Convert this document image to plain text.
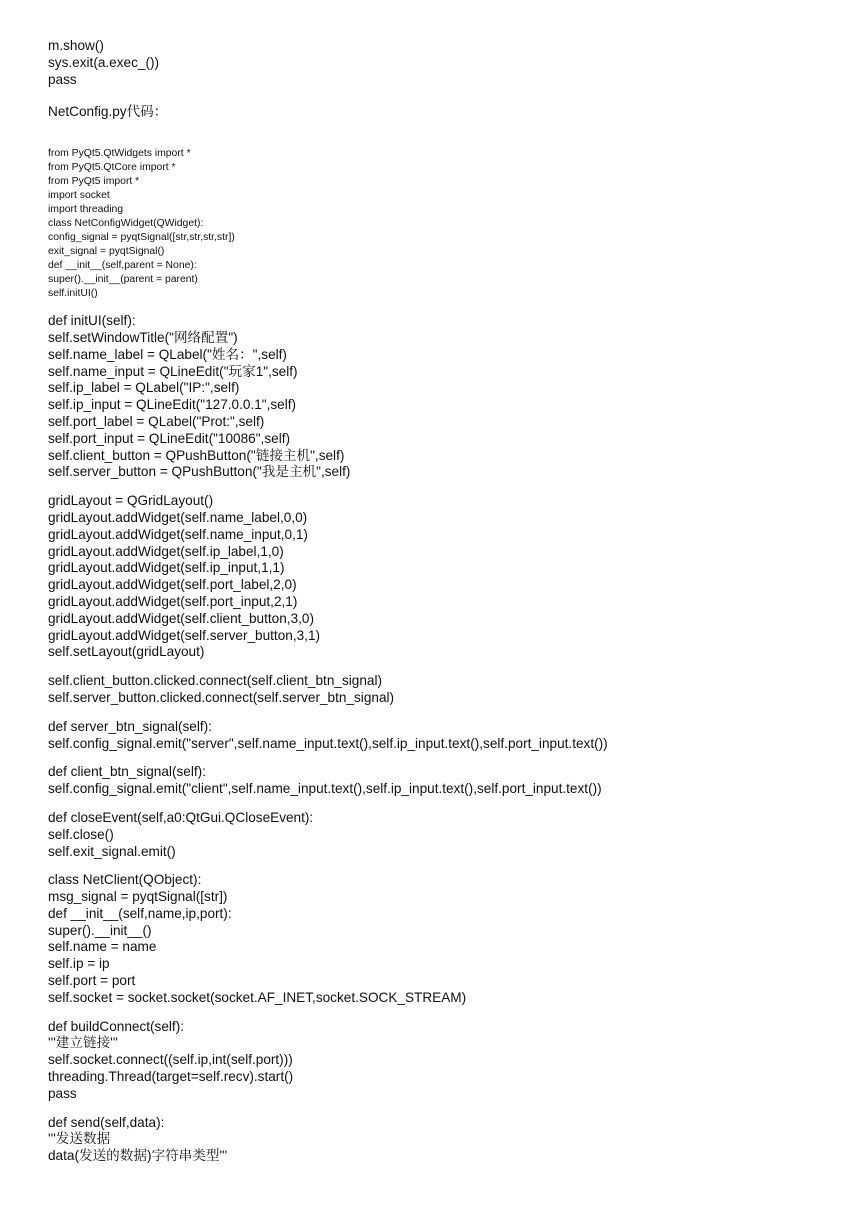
m.show()
sys.exit(a.exec_())
pass
NetConfig.py代码：
from PyQt5.QtWidgets import *
from PyQt5.QtCore import *
from PyQt5 import *
import socket
import threading
class NetConfigWidget(QWidget):
config_signal = pyqtSignal([str,str,str,str])
exit_signal = pyqtSignal()
def __init__(self,parent = None):
super().__init__(parent = parent)
self.initUI()
def initUI(self):
self.setWindowTitle("网络配置")
self.name_label = QLabel("姓名：",self)
self.name_input = QLineEdit("玩家1",self)
self.ip_label = QLabel("IP:",self)
self.ip_input = QLineEdit("127.0.0.1",self)
self.port_label = QLabel("Prot:",self)
self.port_input = QLineEdit("10086",self)
self.client_button = QPushButton("链接主机",self)
self.server_button = QPushButton("我是主机",self)
gridLayout = QGridLayout()
gridLayout.addWidget(self.name_label,0,0)
gridLayout.addWidget(self.name_input,0,1)
gridLayout.addWidget(self.ip_label,1,0)
gridLayout.addWidget(self.ip_input,1,1)
gridLayout.addWidget(self.port_label,2,0)
gridLayout.addWidget(self.port_input,2,1)
gridLayout.addWidget(self.client_button,3,0)
gridLayout.addWidget(self.server_button,3,1)
self.setLayout(gridLayout)
self.client_button.clicked.connect(self.client_btn_signal)
self.server_button.clicked.connect(self.server_btn_signal)
def server_btn_signal(self):
self.config_signal.emit("server",self.name_input.text(),self.ip_input.text(),self.port_input.text())
def client_btn_signal(self):
self.config_signal.emit("client",self.name_input.text(),self.ip_input.text(),self.port_input.text())
def closeEvent(self,a0:QtGui.QCloseEvent):
self.close()
self.exit_signal.emit()
class NetClient(QObject):
msg_signal = pyqtSignal([str])
def __init__(self,name,ip,port):
super().__init__()
self.name = name
self.ip = ip
self.port = port
self.socket = socket.socket(socket.AF_INET,socket.SOCK_STREAM)
def buildConnect(self):
'''建立链接'''
self.socket.connect((self.ip,int(self.port)))
threading.Thread(target=self.recv).start()
pass
def send(self,data):
'''发送数据
data(发送的数据)字符串类型'''
